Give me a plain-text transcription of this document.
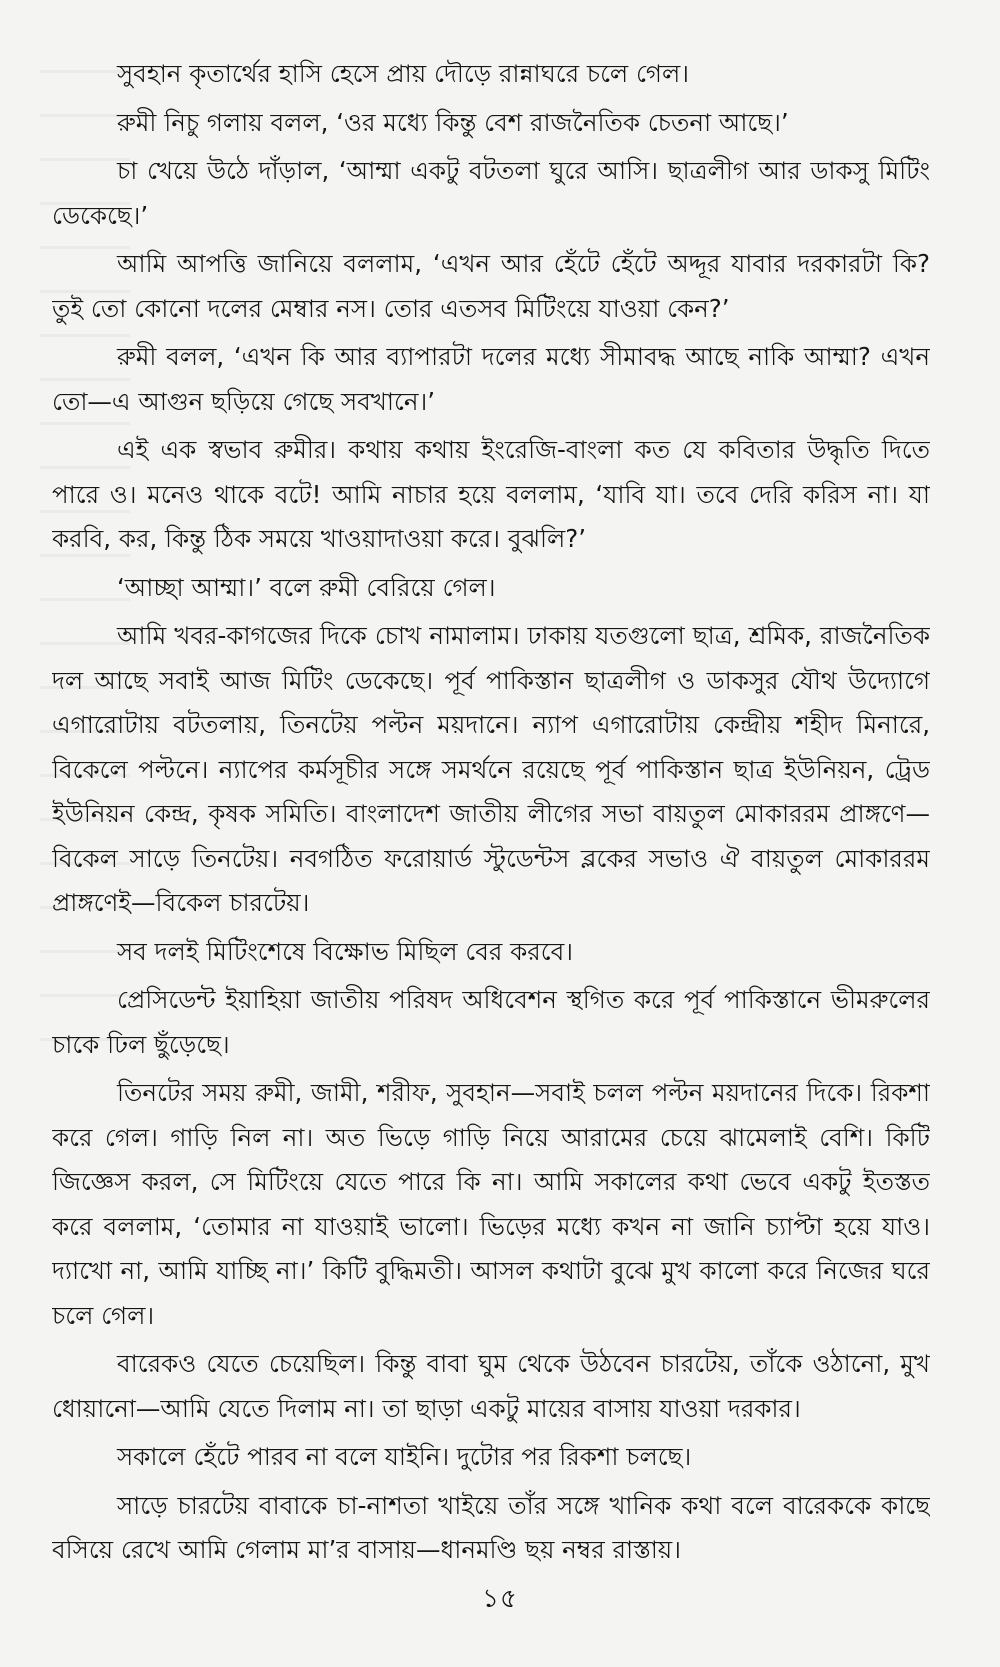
সুবহান কৃতার্থের হাসি হেসে প্রায় দৌড়ে রান্নাঘরে চলে গেল।

রুমী নিচু গলায় বলল, ‘ওর মধ্যে কিন্তু বেশ রাজনৈতিক চেতনা আছে।’

চা খেয়ে উঠে দাঁড়াল, ‘আম্মা একটু বটতলা ঘুরে আসি। ছাত্রলীগ আর ডাকসু মিটিং ডেকেছে।’

আমি আপত্তি জানিয়ে বললাম, ‘এখন আর হেঁটে হেঁটে অদ্দূর যাবার দরকারটা কি? তুই তো কোনো দলের মেম্বার নস। তোর এতসব মিটিংয়ে যাওয়া কেন?’

রুমী বলল, ‘এখন কি আর ব্যাপারটা দলের মধ্যে সীমাবদ্ধ আছে নাকি আম্মা? এখন তো—এ আগুন ছড়িয়ে গেছে সবখানে।’

এই এক স্বভাব রুমীর। কথায় কথায় ইংরেজি-বাংলা কত যে কবিতার উদ্ধৃতি দিতে পারে ও। মনেও থাকে বটে! আমি নাচার হয়ে বললাম, ‘যাবি যা। তবে দেরি করিস না। যা করবি, কর, কিন্তু ঠিক সময়ে খাওয়াদাওয়া করে। বুঝলি?’

‘আচ্ছা আম্মা।’ বলে রুমী বেরিয়ে গেল।

আমি খবর-কাগজের দিকে চোখ নামালাম। ঢাকায় যতগুলো ছাত্র, শ্রমিক, রাজনৈতিক দল আছে সবাই আজ মিটিং ডেকেছে। পূর্ব পাকিস্তান ছাত্রলীগ ও ডাকসুর যৌথ উদ্যোগে এগারোটায় বটতলায়, তিনটেয় পল্টন ময়দানে। ন্যাপ এগারোটায় কেন্দ্রীয় শহীদ মিনারে, বিকেলে পল্টনে। ন্যাপের কর্মসূচীর সঙ্গে সমর্থনে রয়েছে পূর্ব পাকিস্তান ছাত্র ইউনিয়ন, ট্রেড ইউনিয়ন কেন্দ্র, কৃষক সমিতি। বাংলাদেশ জাতীয় লীগের সভা বায়তুল মোকাররম প্রাঙ্গণে—বিকেল সাড়ে তিনটেয়। নবগঠিত ফরোয়ার্ড স্টুডেন্টস ব্লকের সভাও ঐ বায়তুল মোকাররম প্রাঙ্গণেই—বিকেল চারটেয়।

সব দলই মিটিংশেষে বিক্ষোভ মিছিল বের করবে।

প্রেসিডেন্ট ইয়াহিয়া জাতীয় পরিষদ অধিবেশন স্থগিত করে পূর্ব পাকিস্তানে ভীমরুলের চাকে ঢিল ছুঁড়েছে।

তিনটের সময় রুমী, জামী, শরীফ, সুবহান—সবাই চলল পল্টন ময়দানের দিকে। রিকশা করে গেল। গাড়ি নিল না। অত ভিড়ে গাড়ি নিয়ে আরামের চেয়ে ঝামেলাই বেশি। কিটি জিজ্ঞেস করল, সে মিটিংয়ে যেতে পারে কি না। আমি সকালের কথা ভেবে একটু ইতস্তত করে বললাম, ‘তোমার না যাওয়াই ভালো। ভিড়ের মধ্যে কখন না জানি চ্যাপ্টা হয়ে যাও। দ্যাখো না, আমি যাচ্ছি না।’ কিটি বুদ্ধিমতী। আসল কথাটা বুঝে মুখ কালো করে নিজের ঘরে চলে গেল।

বারেকও যেতে চেয়েছিল। কিন্তু বাবা ঘুম থেকে উঠবেন চারটেয়, তাঁকে ওঠানো, মুখ ধোয়ানো—আমি যেতে দিলাম না। তা ছাড়া একটু মায়ের বাসায় যাওয়া দরকার।

সকালে হেঁটে পারব না বলে যাইনি। দুটোর পর রিকশা চলছে।

সাড়ে চারটেয় বাবাকে চা-নাশতা খাইয়ে তাঁর সঙ্গে খানিক কথা বলে বারেককে কাছে বসিয়ে রেখে আমি গেলাম মা’র বাসায়—ধানমণ্ডি ছয় নম্বর রাস্তায়।

১৫
